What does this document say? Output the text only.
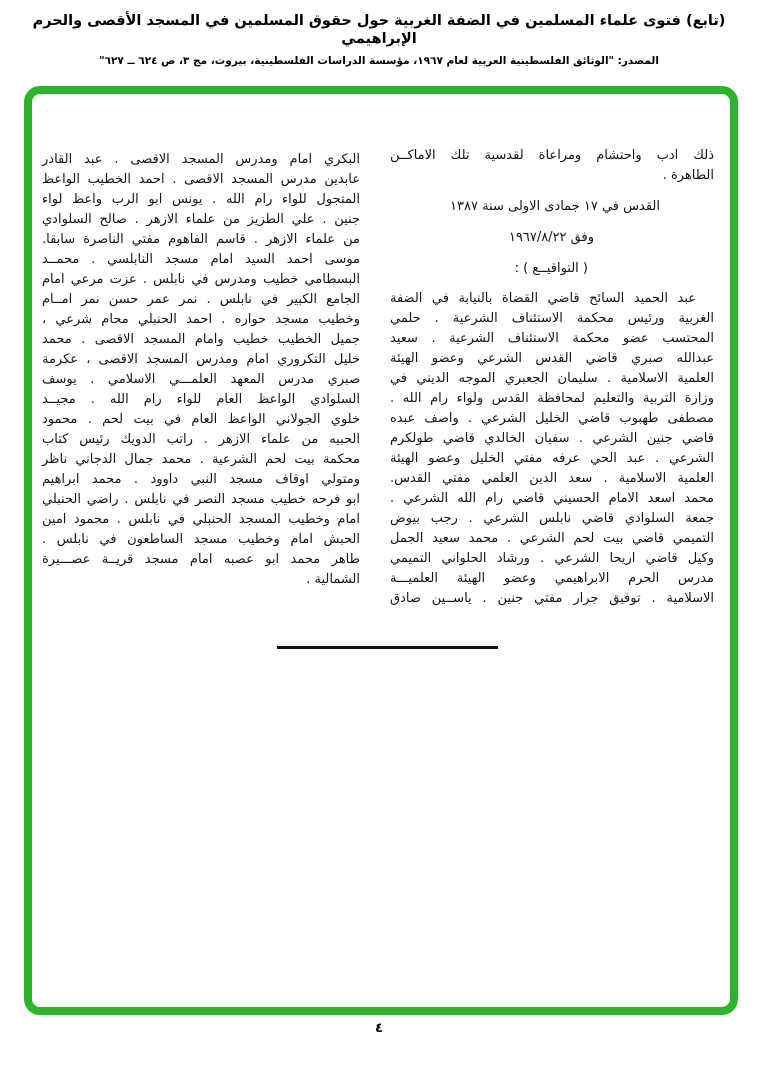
(تابع) فتوى علماء المسلمين في الضفة الغربية حول حقوق المسلمين في المسجد الأقصى والحرم الإبراهيمي
المصدر: "الوثائق الفلسطينية العربية لعام ١٩٦٧، مؤسسة الدراسات الفلسطينية، بيروت، مج ٣، ص ٦٢٤ ــ ٦٢٧"
ذلك ادب واحتشام ومراعاة لقدسية تلك الاماكــن
الطاهرة .
القدس في ١٧ جمادى الاولى سنة ١٣٨٧
وفق ١٩٦٧/٨/٢٢
( التواقيــع ) :
عبد الحميد السائح قاضي القضاة بالنيابة في الضفة
الغربية ورئيس محكمة الاستئناف الشرعية . حلمي
المحتسب عضو محكمة الاستئناف الشرعية . سعيد
عبدالله صبري قاضي القدس الشرعي وعضو الهيئة
العلمية الاسلامية . سليمان الجعبري الموجه الديني في
وزارة التربية والتعليم لمحافظة القدس ولواء رام الله .
مصطفى طهبوب قاضي الخليل الشرعي . واصف عبده
قاضي جنين الشرعي . سفيان الخالدي قاضي طولكرم
الشرعي . عبد الحي عرفه مفتي الخليل وعضو الهيئة
العلمية الاسلامية . سعد الدين العلمي مفتي القدس.
محمد اسعد الامام الحسيني قاضي رام الله الشرعي .
جمعة السلوادي قاضي نابلس الشرعي . رجب بيوض
التميمي قاضي بيت لحم الشرعي . محمد سعيد الجمل
وكيل قاضي اريحا الشرعي . ورشاد الحلواني التميمي
مدرس الحرم الابراهيمي وعضو الهيئة العلميـــة
الاسلامية . توفيق جرار مفتي جنين . ياســين صادق
البكري امام ومدرس المسجد الاقصى . عبد القادر
عابدين مدرس المسجد الاقصى . احمد الخطيب الواعظ
المتجول للواء رام الله . يونس ابو الرب واعظ لواء
جنين . علي الطزيز من علماء الازهر . صالح السلوادي
من علماء الازهر . قاسم الفاهوم مفتي الناصرة سابقا.
موسى احمد السيد امام مسجد النابلسي . محمــد
البسطامي خطيب ومدرس في نابلس . عزت مرعي امام
الجامع الكبير في نابلس . نمر عمر حسن نمر امــام
وخطيب مسجد حواره . احمد الحنبلي محام شرعي ،
جميل الخطيب خطيب وامام المسجد الاقصى . محمد
خليل التكروري امام ومدرس المسجد الاقصى ، عكرمة
صبري مدرس المعهد العلمـــي الاسلامي . يوسف
السلوادي الواعظ العام للواء رام الله . مجيــد
خلوي الجولاني الواعظ العام في بيت لحم . محمود
الحبيه من علماء الازهر . راتب الدويك رئيس كتاب
محكمة بيت لحم الشرعية . محمد جمال الدجاني ناظر
ومتولي اوقاف مسجد النبي داوود . محمد ابراهيم
ابو فرحه خطيب مسجد النصر في نابلس . راضي الحنبلي
امام وخطيب المسجد الحنبلي في نابلس . محمود امين
الحبش امام وخطيب مسجد الساطعون في نابلس .
طاهر محمد ابو عصبه امام مسجد قريــة عصـــيرة
الشمالية .
٤
